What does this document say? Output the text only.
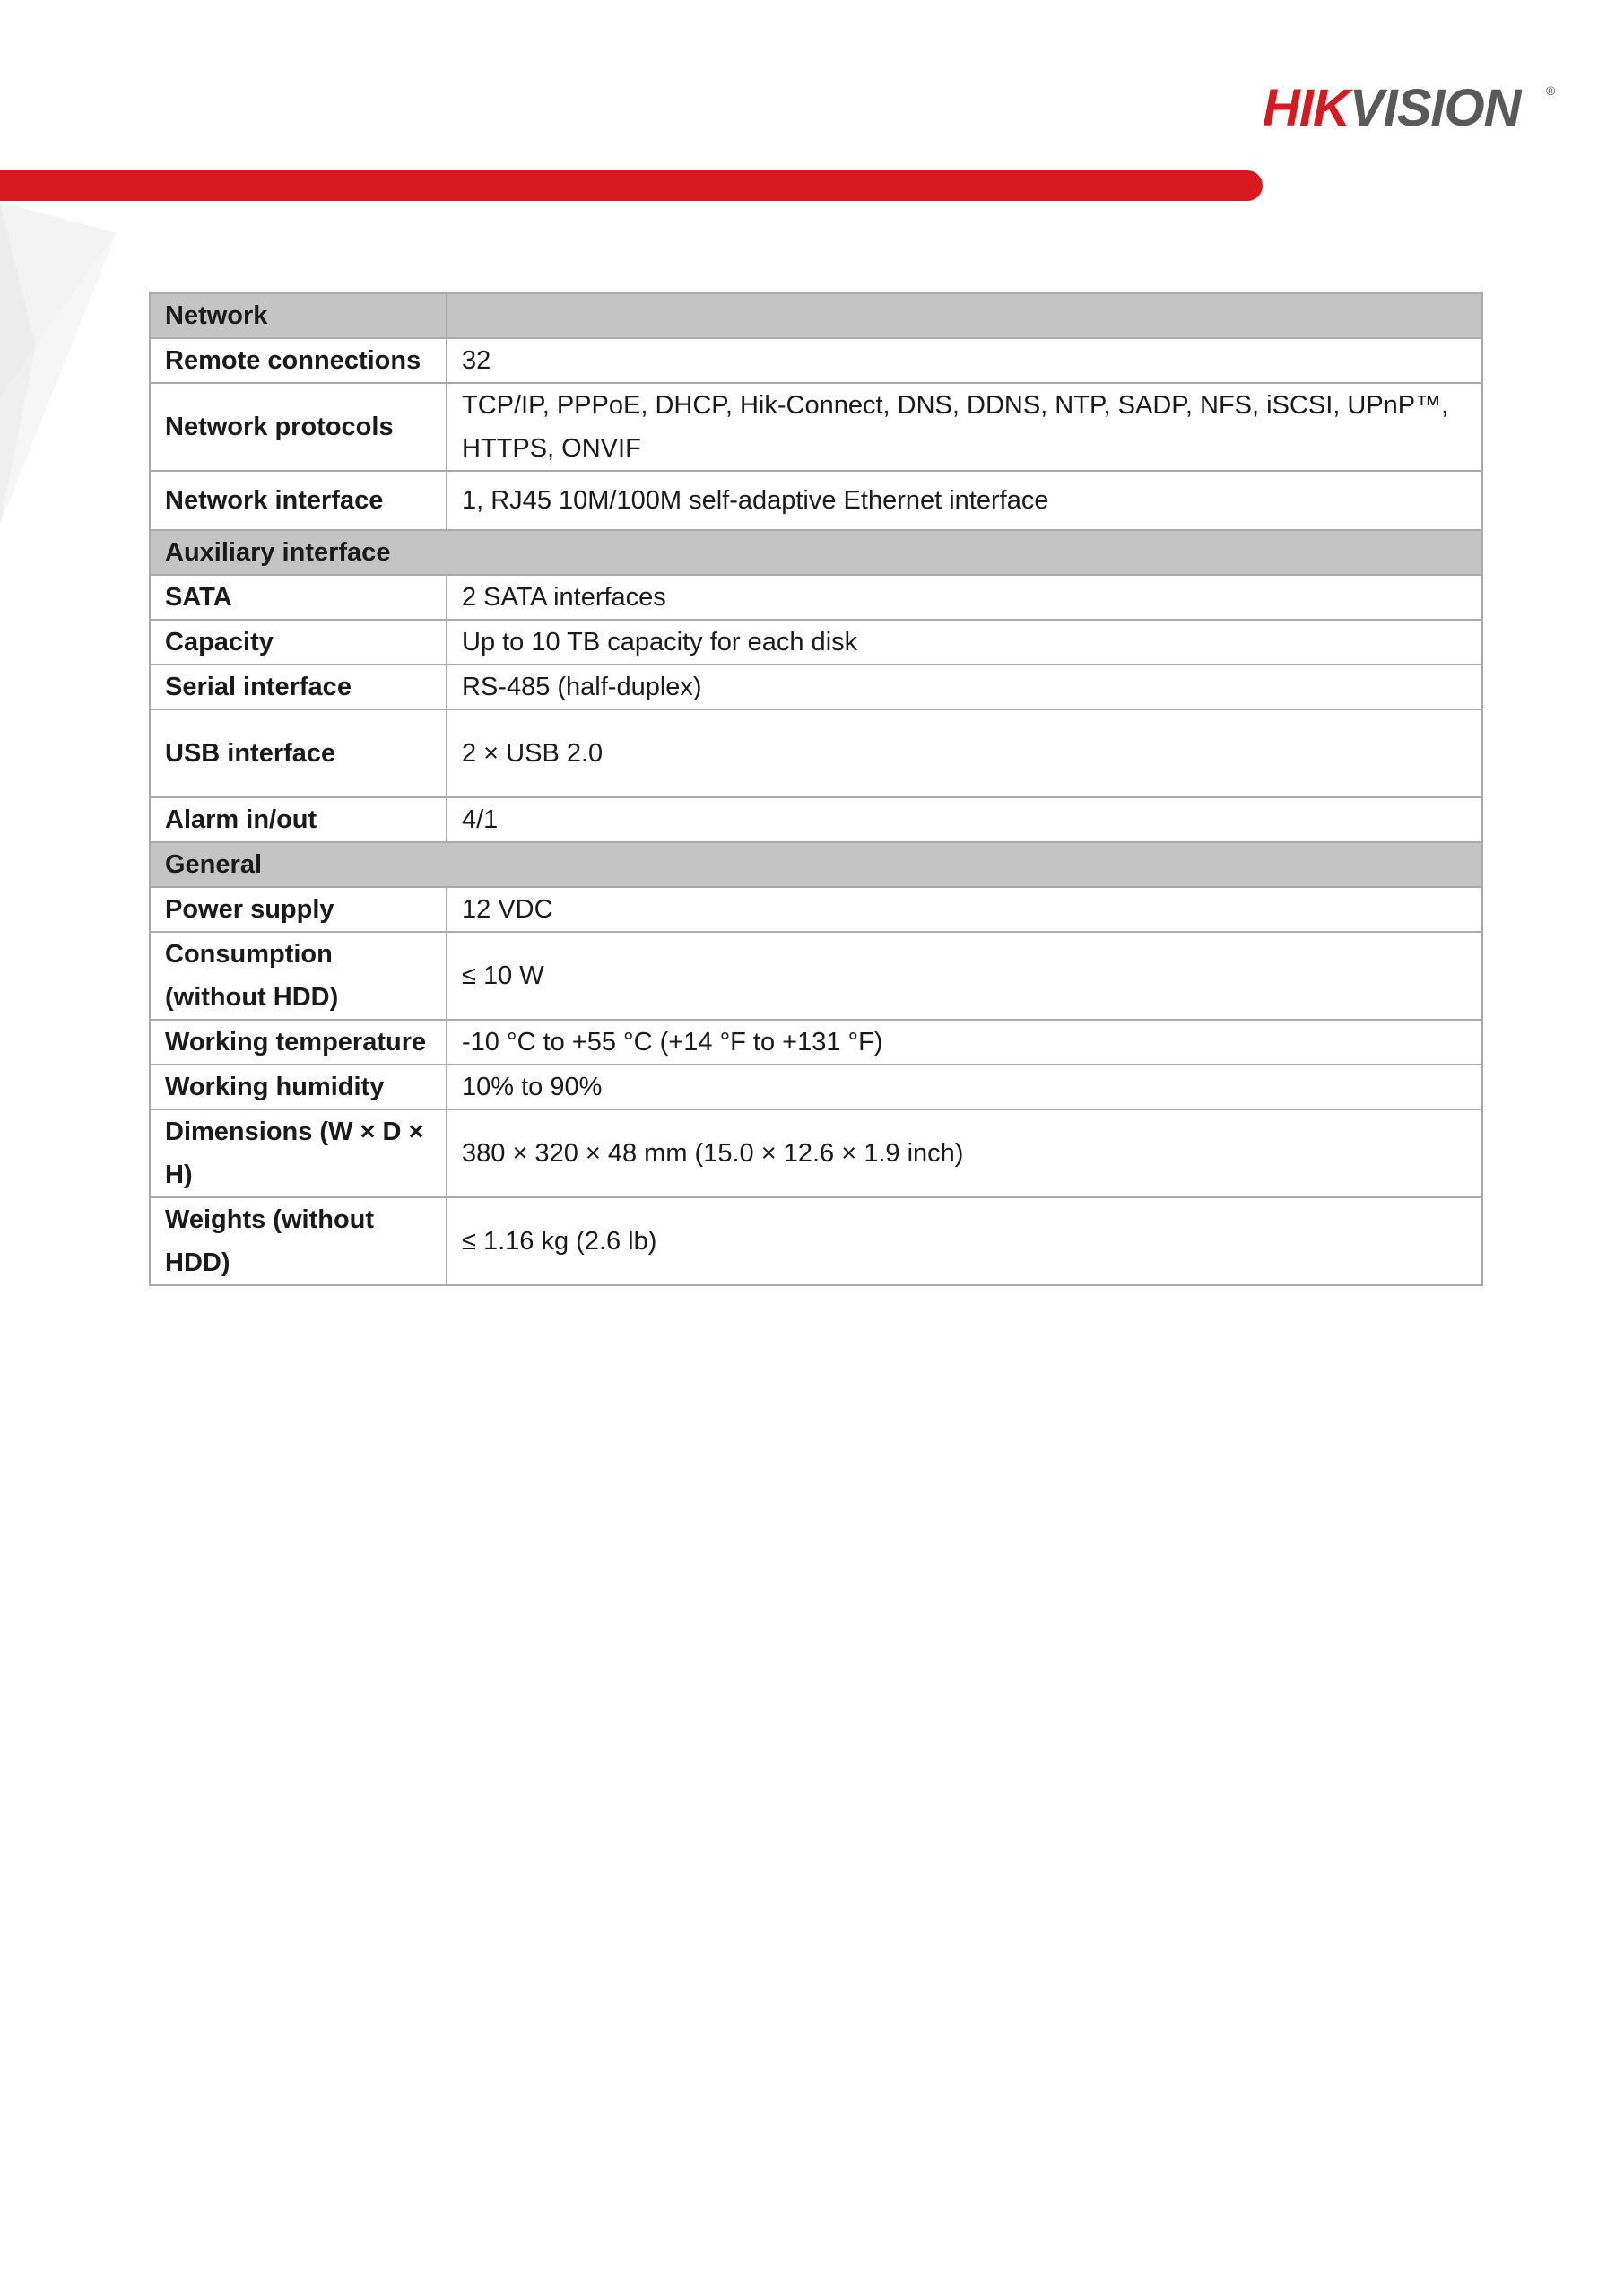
HIKVISION ®
Network	
Remote connections	32
Network protocols	TCP/IP, PPPoE, DHCP, Hik-Connect, DNS, DDNS, NTP, SADP, NFS, iSCSI, UPnP™, HTTPS, ONVIF
Network interface	1, RJ45 10M/100M self-adaptive Ethernet interface
Auxiliary interface	
SATA	2 SATA interfaces
Capacity	Up to 10 TB capacity for each disk
Serial interface	RS-485 (half-duplex)
USB interface	2 × USB 2.0
Alarm in/out	4/1
General	
Power supply	12 VDC
Consumption (without HDD)	≤ 10 W
Working temperature	-10 °C to +55 °C (+14 °F to +131 °F)
Working humidity	10% to 90%
Dimensions (W × D × H)	380 × 320 × 48 mm (15.0 × 12.6 × 1.9 inch)
Weights (without HDD)	≤ 1.16 kg (2.6 lb)
